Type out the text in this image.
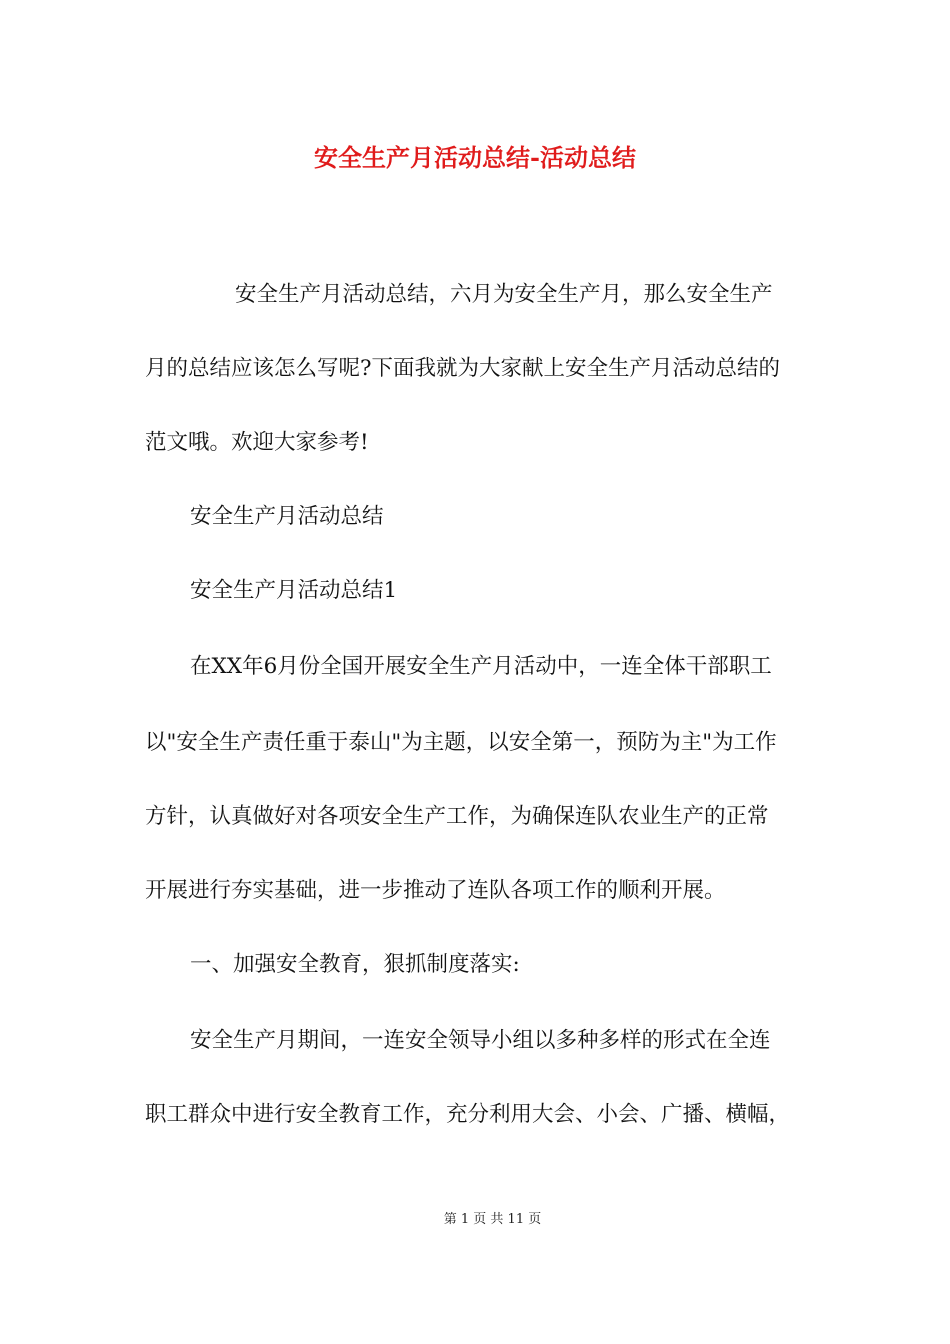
安全生产月活动总结-活动总结
安全生产月活动总结，六月为安全生产月，那么安全生产
月的总结应该怎么写呢?下面我就为大家献上安全生产月活动总结的
范文哦。欢迎大家参考!
安全生产月活动总结
安全生产月活动总结1
在XX年6月份全国开展安全生产月活动中，一连全体干部职工
以"安全生产责任重于泰山"为主题，以安全第一，预防为主"为工作
方针，认真做好对各项安全生产工作，为确保连队农业生产的正常
开展进行夯实基础，进一步推动了连队各项工作的顺利开展。
一、加强安全教育，狠抓制度落实:
安全生产月期间，一连安全领导小组以多种多样的形式在全连
职工群众中进行安全教育工作，充分利用大会、小会、广播、横幅，
第 1 页 共 11 页
